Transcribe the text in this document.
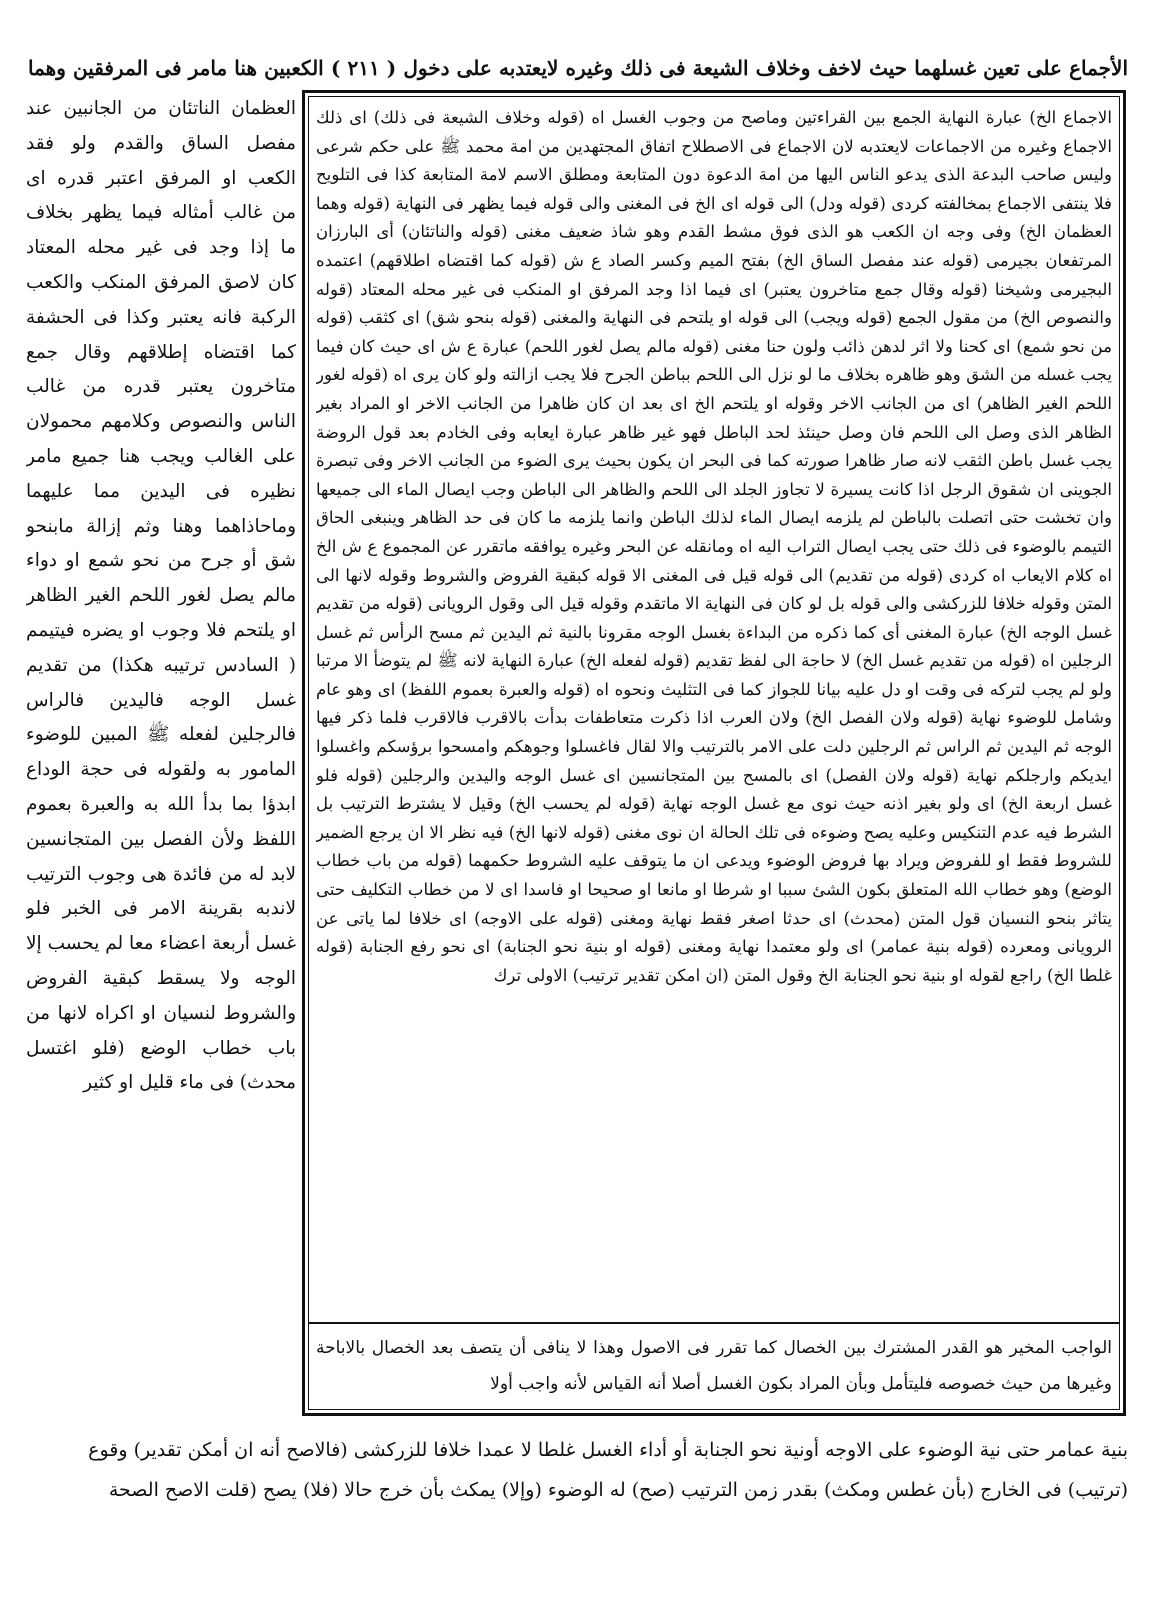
الأجماع على تعين غسلهما حيث لاخف وخلاف الشيعة فى ذلك وغيره لايعتدبه على دخول ( ٢١١ ) الكعبين هنا مامر فى المرفقين وهما
الاجماع الخ) عبارة النهاية الجمع بين القراءتين وماصح من وجوب الغسل اه (قوله وخلاف الشيعة فى ذلك) اى ذلك الاجماع وغيره من الاجماعات لايعتدبه لان الاجماع فى الاصطلاح اتفاق المجتهدين من امة محمد ﷺ على حكم شرعى وليس صاحب البدعة الذى يدعو الناس اليها من امة الدعوة دون المتابعة ومطلق الاسم لامة المتابعة كذا فى التلويح فلا ينتفى الاجماع بمخالفته كردى (قوله ودل) الى قوله اى الخ فى المغنى والى قوله فيما يظهر فى النهاية (قوله وهما العظمان الخ) وفى وجه ان الكعب هو الذى فوق مشط القدم وهو شاذ ضعيف مغنى (قوله والناتئان) أى البارزان المرتفعان بجيرمى (قوله عند مفصل الساق الخ) بفتح الميم وكسر الصاد ع ش (قوله كما اقتضاه اطلاقهم) اعتمده البجيرمى وشيخنا (قوله وقال جمع متاخرون يعتبر) اى فيما اذا وجد المرفق او المنكب فى غير محله المعتاد (قوله والنصوص الخ) من مقول الجمع (قوله ويجب) الى قوله او يلتحم فى النهاية والمغنى (قوله بنحو شق) اى كثقب (قوله من نحو شمع) اى كحنا ولا اثر لدهن ذائب ولون حنا مغنى (قوله مالم يصل لغور اللحم) عبارة ع ش اى حيث كان فيما يجب غسله من الشق وهو ظاهره بخلاف ما لو نزل الى اللحم بباطن الجرح فلا يجب ازالته ولو كان يرى اه (قوله لغور اللحم الغير الظاهر) اى من الجانب الاخر وقوله او يلتحم الخ اى بعد ان كان ظاهرا من الجانب الاخر او المراد بغير الظاهر الذى وصل الى اللحم فان وصل حينئذ لحد الباطل فهو غير ظاهر عبارة ايعابه وفى الخادم بعد قول الروضة يجب غسل باطن الثقب لانه صار ظاهرا صورته كما فى البحر ان يكون بحيث يرى الضوء من الجانب الاخر وفى تبصرة الجوينى ان شقوق الرجل اذا كانت يسيرة لا تجاوز الجلد الى اللحم والظاهر الى الباطن وجب ايصال الماء الى جميعها وان تخشت حتى اتصلت بالباطن لم يلزمه ايصال الماء لذلك الباطن وانما يلزمه ما كان فى حد الظاهر وينبغى الحاق التيمم بالوضوء فى ذلك حتى يجب ايصال التراب اليه اه ومانقله عن البحر وغيره يوافقه ماتقرر عن المجموع ع ش الخ اه كلام الايعاب اه كردى (قوله من تقديم) الى قوله قيل فى المغنى الا قوله كبقية الفروض والشروط وقوله لانها الى المتن وقوله خلافا للزركشى والى قوله بل لو كان فى النهاية الا ماتقدم وقوله قيل الى وقول الرويانى (قوله من تقديم غسل الوجه الخ) عبارة المغنى أى كما ذكره من البداءة بغسل الوجه مقرونا بالنية ثم اليدين ثم مسح الرأس ثم غسل الرجلين اه (قوله من تقديم غسل الخ) لا حاجة الى لفظ تقديم (قوله لفعله الخ) عبارة النهاية لانه ﷺ لم يتوضأ الا مرتبا ولو لم يجب لتركه فى وقت او دل عليه بيانا للجواز كما فى التثليث ونحوه اه (قوله والعبرة بعموم اللفظ) اى وهو عام وشامل للوضوء نهاية (قوله ولان الفصل الخ) ولان العرب اذا ذكرت متعاطفات بدأت بالاقرب فالاقرب فلما ذكر فيها الوجه ثم اليدين ثم الراس ثم الرجلين دلت على الامر بالترتيب والا لقال فاغسلوا وجوهكم وامسحوا برؤسكم واغسلوا ايديكم وارجلكم نهاية (قوله ولان الفصل) اى بالمسح بين المتجانسين اى غسل الوجه واليدين والرجلين (قوله فلو غسل اربعة الخ) اى ولو بغير اذنه حيث نوى مع غسل الوجه نهاية (قوله لم يحسب الخ) وقيل لا يشترط الترتيب بل الشرط فيه عدم التنكيس وعليه يصح وضوءه فى تلك الحالة ان نوى مغنى (قوله لانها الخ) فيه نظر الا ان يرجع الضمير للشروط فقط او للفروض ويراد بها فروض الوضوء ويدعى ان ما يتوقف عليه الشروط حكمهما (قوله من باب خطاب الوضع) وهو خطاب الله المتعلق بكون الشئ سببا او شرطا او مانعا او صحيحا او فاسدا اى لا من خطاب التكليف حتى يتاثر بنحو النسيان قول المتن (محدث) اى حدثا اصغر فقط نهاية ومغنى (قوله على الاوجه) اى خلافا لما ياتى عن الرويانى ومعرده (قوله بنية عمامر) اى ولو معتمدا نهاية ومغنى (قوله او بنية نحو الجنابة) اى نحو رفع الجنابة (قوله غلطا الخ) راجع لقوله او بنية نحو الجنابة الخ وقول المتن (ان امكن تقدير ترتيب) الاولى ترك
الواجب المخير هو القدر المشترك بين الخصال كما تقرر فى الاصول وهذا لا ينافى أن يتصف بعد الخصال بالاباحة وغيرها من حيث خصوصه فليتأمل وبأن المراد بكون الغسل أصلا أنه القياس لأنه واجب أولا
العظمان الناتئان من الجانبين عند مفصل الساق والقدم ولو فقد الكعب او المرفق اعتبر قدره اى من غالب أمثاله فيما يظهر بخلاف ما إذا وجد فى غير محله المعتاد كان لاصق المرفق المنكب والكعب الركبة فانه يعتبر وكذا فى الحشفة كما اقتضاه إطلاقهم وقال جمع متاخرون يعتبر قدره من غالب الناس والنصوص وكلامهم محمولان على الغالب ويجب هنا جميع مامر نظيره فى اليدين مما عليهما وماحاذاهما وهنا وثم إزالة مابنحو شق أو جرح من نحو شمع او دواء مالم يصل لغور اللحم الغير الظاهر او يلتحم فلا وجوب او يضره فيتيمم ( السادس ترتيبه هكذا) من تقديم غسل الوجه فاليدين فالراس فالرجلين لفعله ﷺ المبين للوضوء المامور به ولقوله فى حجة الوداع ابدؤا بما بدأ الله به والعبرة بعموم اللفظ ولأن الفصل بين المتجانسين لابد له من فائدة هى وجوب الترتيب لاندبه بقرينة الامر فى الخبر فلو غسل أربعة اعضاء معا لم يحسب إلا الوجه ولا يسقط كبقية الفروض والشروط لنسيان او اكراه لانها من باب خطاب الوضع (فلو اغتسل محدث) فى ماء قليل او كثير

بنية عمامر حتى نية الوضوء على الاوجه أونية نحو الجنابة أو أداء الغسل غلطا لا عمدا خلافا للزركشى (فالاصح أنه ان أمكن تقدير) وقوع

(ترتيب) فى الخارج (بأن غطس ومكث) بقدر زمن الترتيب (صح) له الوضوء (وإلا) يمكث بأن خرج حالا (فلا) يصح (قلت الاصح الصحة
